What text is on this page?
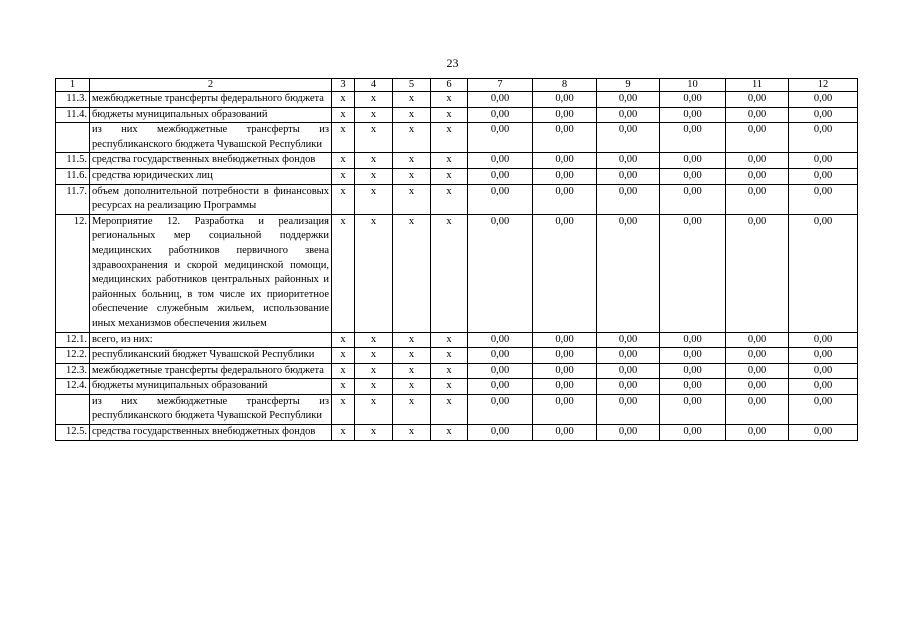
23
1	2	3	4	5	6	7	8	9	10	11	12
11.3.	межбюджетные трансферты федерального бюджета	x	x	x	x	0,00	0,00	0,00	0,00	0,00	0,00
11.4.	бюджеты муниципальных образований	x	x	x	x	0,00	0,00	0,00	0,00	0,00	0,00
	из них межбюджетные трансферты из республиканского бюджета Чувашской Республики	x	x	x	x	0,00	0,00	0,00	0,00	0,00	0,00
11.5.	средства государственных внебюджетных фондов	x	x	x	x	0,00	0,00	0,00	0,00	0,00	0,00
11.6.	средства юридических лиц	x	x	x	x	0,00	0,00	0,00	0,00	0,00	0,00
11.7.	объем дополнительной потребности в финансовых ресурсах на реализацию Программы	x	x	x	x	0,00	0,00	0,00	0,00	0,00	0,00
12.	Мероприятие 12. Разработка и реализация региональных мер социальной поддержки медицинских работников первичного звена здравоохранения и скорой медицинской помощи, медицинских работников центральных районных и районных больниц, в том числе их приоритетное обеспечение служебным жильем, использование иных механизмов обеспечения жильем	x	x	x	x	0,00	0,00	0,00	0,00	0,00	0,00
12.1.	всего, из них:	x	x	x	x	0,00	0,00	0,00	0,00	0,00	0,00
12.2.	республиканский бюджет Чувашской Республики	x	x	x	x	0,00	0,00	0,00	0,00	0,00	0,00
12.3.	межбюджетные трансферты федерального бюджета	x	x	x	x	0,00	0,00	0,00	0,00	0,00	0,00
12.4.	бюджеты муниципальных образований	x	x	x	x	0,00	0,00	0,00	0,00	0,00	0,00
	из них межбюджетные трансферты из республиканского бюджета Чувашской Республики	x	x	x	x	0,00	0,00	0,00	0,00	0,00	0,00
12.5.	средства государственных внебюджетных фондов	x	x	x	x	0,00	0,00	0,00	0,00	0,00	0,00
